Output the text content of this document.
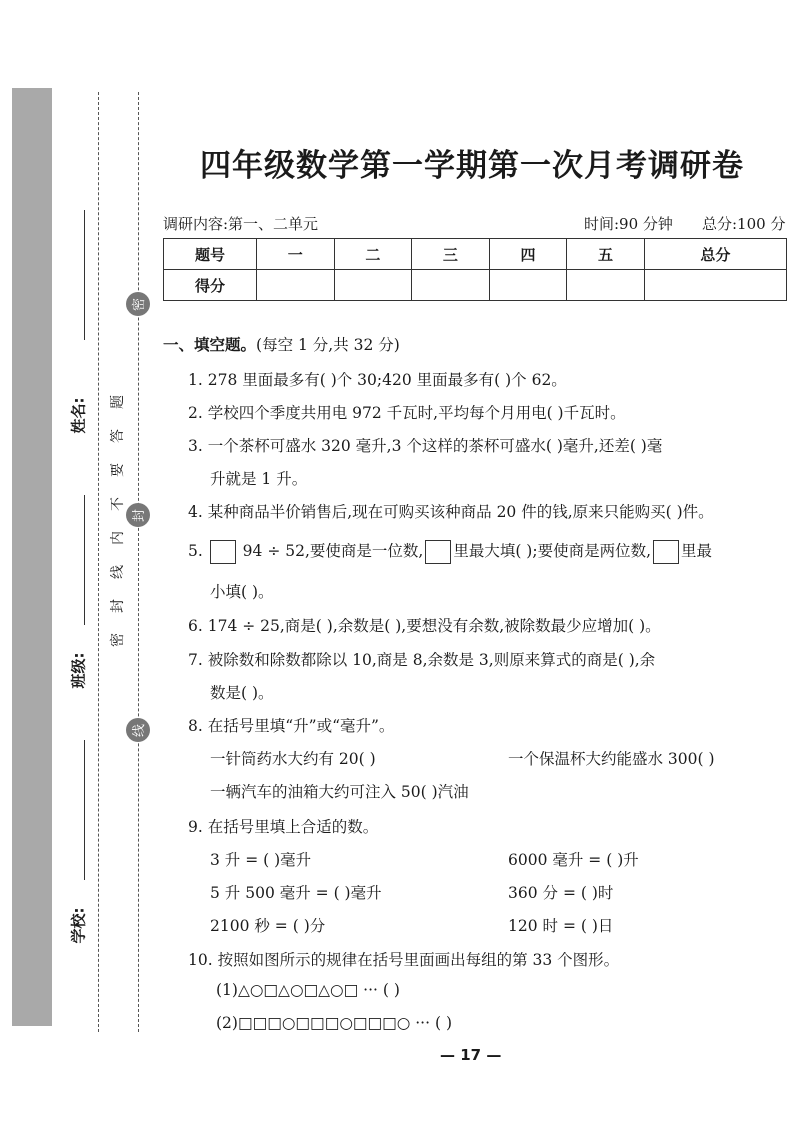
姓名:
班级:
学校:
密
封
线
密
封
线
内
不
要
答
题
四年级数学第一学期第一次月考调研卷
调研内容:第一、二单元	时间:90 分钟 总分:100 分
题号	一	二	三	四	五	总分
得分						
一、填空题。(每空 1 分,共 32 分)
1. 278 里面最多有( )个 30;420 里面最多有( )个 62。
2. 学校四个季度共用电 972 千瓦时,平均每个月用电( )千瓦时。
3. 一个茶杯可盛水 320 毫升,3 个这样的茶杯可盛水( )毫升,还差( )毫
升就是 1 升。
4. 某种商品半价销售后,现在可购买该种商品 20 件的钱,原来只能购买( )件。
5.	94 ÷ 52,要使商是一位数, 里最大填( );要使商是两位数, 里最
小填( )。
6. 174 ÷ 25,商是( ),余数是( ),要想没有余数,被除数最少应增加( )。
7. 被除数和除数都除以 10,商是 8,余数是 3,则原来算式的商是( ),余
数是( )。
8. 在括号里填“升”或“毫升”。
一针筒药水大约有 20( )	一个保温杯大约能盛水 300( )
一辆汽车的油箱大约可注入 50( )汽油
9. 在括号里填上合适的数。
3 升 = ( )毫升	6000 毫升 = ( )升
5 升 500 毫升 = ( )毫升	360 分 = ( )时
2100 秒 = ( )分	120 时 = ( )日
10. 按照如图所示的规律在括号里面画出每组的第 33 个图形。
(1)△○□△○□△○□ ··· ( )
(2)□□□○□□□○□□□○ ··· ( )
— 17 —
